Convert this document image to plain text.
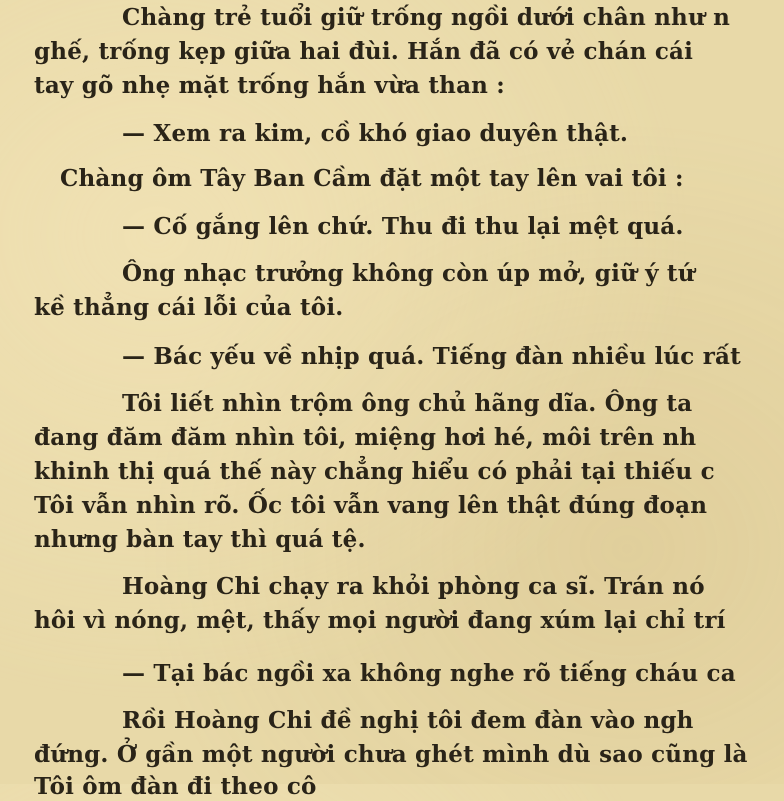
Chàng trẻ tuổi giữ trống ngồi dưới chân như n
ghế, trống kẹp giữa hai đùi. Hắn đã có vẻ chán cái
tay gõ nhẹ mặt trống hắn vừa than :
— Xem ra kim, cồ khó giao duyên thật.
Chàng ôm Tây Ban Cầm đặt một tay lên vai tôi :
— Cố gắng lên chứ. Thu đi thu lại mệt quá.
Ông nhạc trưởng không còn úp mở, giữ ý tứ
kề thẳng cái lỗi của tôi.
— Bác yếu về nhịp quá. Tiếng đàn nhiều lúc rất
Tôi liết nhìn trộm ông chủ hãng dĩa. Ông ta
đang đăm đăm nhìn tôi, miệng hơi hé, môi trên nh
khinh thị quá thế này chẳng hiểu có phải tại thiếu c
Tôi vẫn nhìn rõ. Ốc tôi vẫn vang lên thật đúng đoạn
nhưng bàn tay thì quá tệ.
Hoàng Chi chạy ra khỏi phòng ca sĩ. Trán nó
hôi vì nóng, mệt, thấy mọi người đang xúm lại chỉ trí
— Tại bác ngồi xa không nghe rõ tiếng cháu ca
Rồi Hoàng Chi đề nghị tôi đem đàn vào ngh
đứng. Ở gần một người chưa ghét mình dù sao cũng là
Tôi ôm đàn đi theo cô
